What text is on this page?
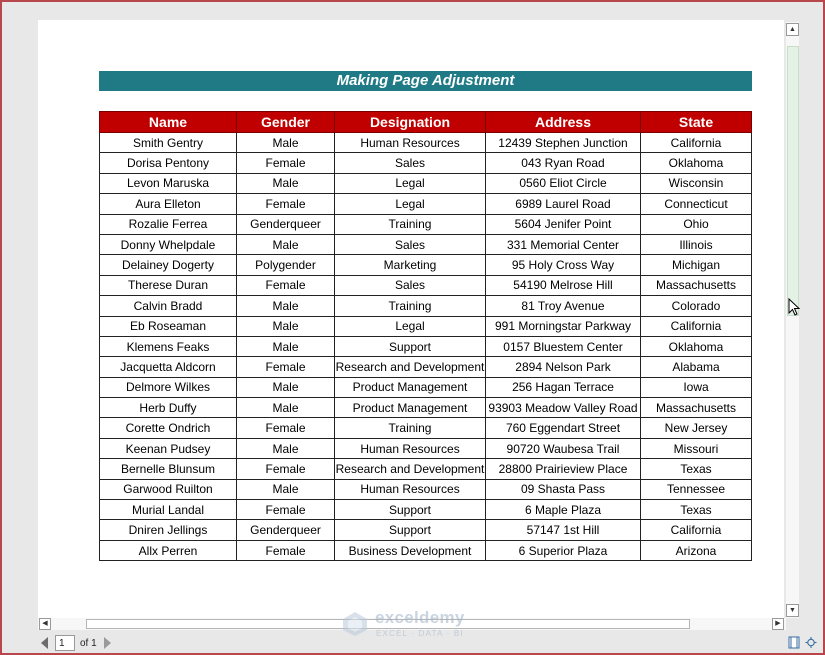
Making Page Adjustment
Name	Gender	Designation	Address	State
Smith Gentry	Male	Human Resources	12439 Stephen Junction	California
Dorisa Pentony	Female	Sales	043 Ryan Road	Oklahoma
Levon Maruska	Male	Legal	0560 Eliot Circle	Wisconsin
Aura Elleton	Female	Legal	6989 Laurel Road	Connecticut
Rozalie Ferrea	Genderqueer	Training	5604 Jenifer Point	Ohio
Donny Whelpdale	Male	Sales	331 Memorial Center	Illinois
Delainey Dogerty	Polygender	Marketing	95 Holy Cross Way	Michigan
Therese Duran	Female	Sales	54190 Melrose Hill	Massachusetts
Calvin Bradd	Male	Training	81 Troy Avenue	Colorado
Eb Roseaman	Male	Legal	991 Morningstar Parkway	California
Klemens Feaks	Male	Support	0157 Bluestem Center	Oklahoma
Jacquetta Aldcorn	Female	Research and Development	2894 Nelson Park	Alabama
Delmore Wilkes	Male	Product Management	256 Hagan Terrace	Iowa
Herb Duffy	Male	Product Management	93903 Meadow Valley Road	Massachusetts
Corette Ondrich	Female	Training	760 Eggendart Street	New Jersey
Keenan Pudsey	Male	Human Resources	90720 Waubesa Trail	Missouri
Bernelle Blunsum	Female	Research and Development	28800 Prairieview Place	Texas
Garwood Ruilton	Male	Human Resources	09 Shasta Pass	Tennessee
Murial Landal	Female	Support	6 Maple Plaza	Texas
Dniren Jellings	Genderqueer	Support	57147 1st Hill	California
Allx Perren	Female	Business Development	6 Superior Plaza	Arizona
▲
▼
◀	▶
exceldemy
EXCEL · DATA · BI
1	of 1
